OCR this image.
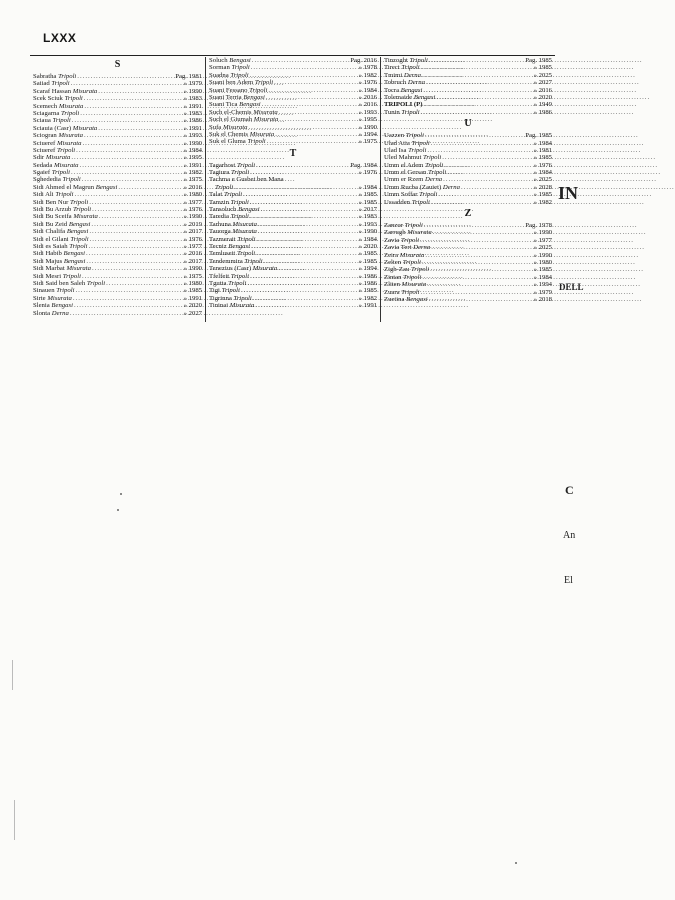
LXXX
S
Sabratha Tripoli .....	Pag. 1981
Saiiad Tripoli .....	» 1979
Scaraf Hassan Misurata .....	» 1990
Scek Sciuk Tripoli .....	» 1983
Scemech Misurata .....	» 1991
Sciagarna Tripoli .....	» 1983
Sciaua Tripoli .....	» 1986
Sciauia (Casr) Misurata .....	» 1991
Sciogran Misurata .....	» 1993
Sciueref Misurata .....	» 1990
Sciueref Tripoli .....	» 1984
Sdir Misurata .....	» 1995
Sedada Misurata .....	» 1991
Sgaief Tripoli .....	» 1982
Sghededia Tripoli .....	» 1975
Sidi Ahmed el Magrun Bengasi .....	» 2016
Sidi Ali Tripoli .....	» 1980
Sidi Ben Nur Tripoli .....	» 1977
Sidi Bu Arzub Tripoli .....	» 1976
Sidi Bu Sceifa Misurata .....	» 1990
Sidi Bu Zeid Bengasi .....	» 2019
Sidi Chalifa Bengasi .....	» 2017
Sidi el Gilani Tripoli .....	» 1976
Sidi es Saiah Tripoli .....	» 1977
Sidi Habib Bengasi .....	» 2016
Sidi Majus Bengasi .....	» 2017
Sidi Marbat Misurata .....	» 1990
Sidi Mesri Tripoli .....	» 1975
Sidi Said ben Saleh Tripoli .....	» 1980
Sinauen Tripoli .....	» 1985
Sirte Misurata .....	» 1991
Slenia Bengasi .....	» 2020
Slonta Derna .....	» 2027
Soluch Bengasi .....	Pag. 2016
Sorman Tripoli .....	» 1978
Suadna Tripoli .....	» 1982
Suani ben Adem Tripoli .....	» 1976
Suani Fessano Tripoli .....	» 1984
Suani Terria Bengasi .....	» 2016
Suani Tica Bengasi .....	» 2016
Such el-Chemis Misurata .....	» 1993
Such el Giumah Misurata .....	» 1995
Sufa Misurata .....	» 1990
Suk el Chemis Misurata .....	» 1994
Suk el Gluma Tripoli .....	» 1975
T
Tagarbost Tripoli .....	Pag. 1984
Tagiura Tripoli .....	» 1976
Tachma e Gusbet ben Mana
Tripoli .....	» 1984
Talat Tripoli .....	» 1985
Tamzin Tripoli .....	» 1985
Tansoluch Bengasi .....	» 2017
Taredia Tripoli .....	» 1983
Tarhuna Misurata .....	» 1993
Tauorga Misurata .....	» 1990
Tazmerait Tripoli .....	» 1984
Tecniz Bengasi .....	» 2020
Temluseit Tripoli .....	» 1985
Tendemmira Tripoli .....	» 1985
Tenezius (Casr) Misurata .....	» 1994
Tfelfeit Tripoli .....	» 1986
Tgutta Tripoli .....	» 1986
Tigi Tripoli .....	» 1985
Tigrinna Tripoli .....	» 1982
Tininai Misurata .....	» 1991
Tinzoght Tripoli .....	Pag. 1985
Tirect Tripoli .....	» 1985
Tmimi Derna .....	» 2025
Tobruch Derna .....	» 2027
Tocra Bengasi .....	» 2016
Tolemaide Bengasi .....	» 2020
TRIPOLI (P) .....	» 1949
Tunin Tripoli .....	» 1986
U
Uazzen Tripoli .....	Pag. 1985
Ulad Atia Tripoli .....	» 1984
Ulad Isa Tripoli .....	» 1981
Uled Mahmut Tripoli .....	» 1985
Umm el Adem Tripoli .....	» 1976
Umm el Gersan Tripoli .....	» 1984
Umm er Rzem Derna .....	» 2025
Umm Rucba (Zauiet) Derna .....	» 2028
Umm Soffar Tripoli .....	» 1985
Ussadden Tripoli .....	» 1982
Z
Zanzur Tripoli .....	Pag. 1978
Zarrugh Misurata .....	» 1990
Zavia Tripoli .....	» 1977
Zavia Tert Derna .....	» 2025
Zeira Misurata .....	» 1990
Zelten Tripoli .....	» 1980
Zigh-Zau Tripoli .....	» 1985
Zintan Tripoli .....	» 1984
Zliten Misurata .....	» 1994
Zuara Tripoli .....	» 1979
Zuetina Bengasi .....	» 2018
IN
DELL
C
An
El
